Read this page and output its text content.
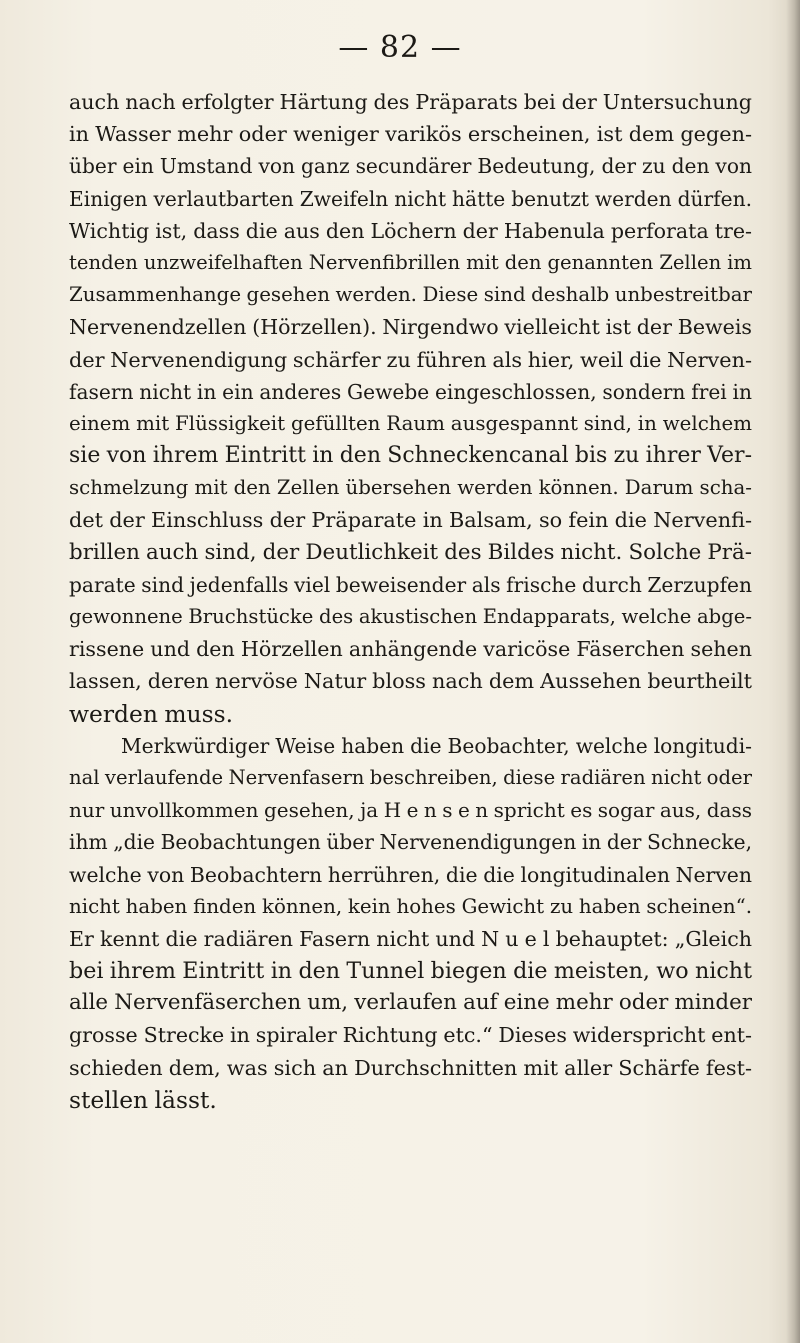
— 82 —
auch nach erfolgter Härtung des Präparats bei der Untersuchung
in Wasser mehr oder weniger varikös erscheinen, ist dem gegen-
über ein Umstand von ganz secundärer Bedeutung, der zu den von
Einigen verlautbarten Zweifeln nicht hätte benutzt werden dürfen.
Wichtig ist, dass die aus den Löchern der Habenula perforata tre-
tenden unzweifelhaften Nervenfibrillen mit den genannten Zellen im
Zusammenhange gesehen werden. Diese sind deshalb unbestreitbar
Nervenendzellen (Hörzellen). Nirgendwo vielleicht ist der Beweis
der Nervenendigung schärfer zu führen als hier, weil die Nerven-
fasern nicht in ein anderes Gewebe eingeschlossen, sondern frei in
einem mit Flüssigkeit gefüllten Raum ausgespannt sind, in welchem
sie von ihrem Eintritt in den Schneckencanal bis zu ihrer Ver-
schmelzung mit den Zellen übersehen werden können. Darum scha-
det der Einschluss der Präparate in Balsam, so fein die Nervenfi-
brillen auch sind, der Deutlichkeit des Bildes nicht. Solche Prä-
parate sind jedenfalls viel beweisender als frische durch Zerzupfen
gewonnene Bruchstücke des akustischen Endapparats, welche abge-
rissene und den Hörzellen anhängende varicöse Fäserchen sehen
lassen, deren nervöse Natur bloss nach dem Aussehen beurtheilt
werden muss.
Merkwürdiger Weise haben die Beobachter, welche longitudi-
nal verlaufende Nervenfasern beschreiben, diese radiären nicht oder
nur unvollkommen gesehen, ja H e n s e n spricht es sogar aus, dass
ihm „die Beobachtungen über Nervenendigungen in der Schnecke,
welche von Beobachtern herrühren, die die longitudinalen Nerven
nicht haben finden können, kein hohes Gewicht zu haben scheinen“.
Er kennt die radiären Fasern nicht und N u e l behauptet: „Gleich
bei ihrem Eintritt in den Tunnel biegen die meisten, wo nicht
alle Nervenfäserchen um, verlaufen auf eine mehr oder minder
grosse Strecke in spiraler Richtung etc.“ Dieses widerspricht ent-
schieden dem, was sich an Durchschnitten mit aller Schärfe fest-
stellen lässt.
